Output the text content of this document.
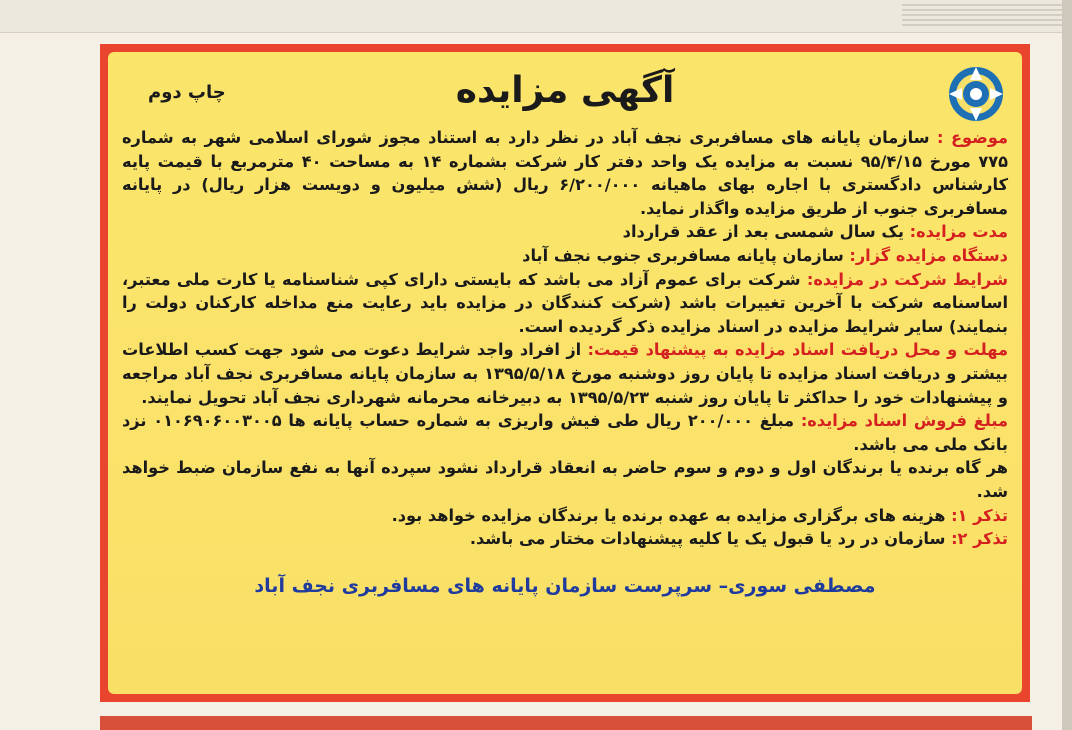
آگهی مزایده
چاپ دوم

موضوع : سازمان پایانه های مسافربری نجف آباد در نظر دارد به استناد مجوز شورای اسلامی شهر به شماره ۷۷۵ مورخ ۹۵/۴/۱۵ نسبت به مزایده یک واحد دفتر کار شرکت بشماره ۱۴ به مساحت ۴۰ مترمربع با قیمت پایه کارشناس دادگستری با اجاره بهای ماهیانه ۶/۲۰۰/۰۰۰ ریال (شش میلیون و دویست هزار ریال) در پایانه مسافربری جنوب از طریق مزایده واگذار نماید.

مدت مزایده: یک سال شمسی بعد از عقد قرارداد

دستگاه مزایده گزار: سازمان پایانه مسافربری جنوب نجف آباد

شرایط شرکت در مزایده: شرکت برای عموم آزاد می باشد که بایستی دارای کپی شناسنامه یا کارت ملی معتبر، اساسنامه شرکت با آخرین تغییرات باشد (شرکت کنندگان در مزایده باید رعایت منع مداخله کارکنان دولت را بنمایند) سایر شرایط مزایده در اسناد مزایده ذکر گردیده است.

مهلت و محل دریافت اسناد مزایده به پیشنهاد قیمت: از افراد واجد شرایط دعوت می شود جهت کسب اطلاعات بیشتر و دریافت اسناد مزایده تا پایان روز دوشنبه مورخ ۱۳۹۵/۵/۱۸ به سازمان پایانه مسافربری نجف آباد مراجعه و پیشنهادات خود را حداکثر تا پایان روز شنبه ۱۳۹۵/۵/۲۳ به دبیرخانه محرمانه شهرداری نجف آباد تحویل نمایند.

مبلغ فروش اسناد مزایده: مبلغ ۲۰۰/۰۰۰ ریال طی فیش واریزی به شماره حساب پایانه ها ۰۱۰۶۹۰۶۰۰۳۰۰۵ نزد بانک ملی می باشد.

هر گاه برنده یا برندگان اول و دوم و سوم حاضر به انعقاد قرارداد نشود سپرده آنها به نفع سازمان ضبط خواهد شد.

تذکر ۱: هزینه های برگزاری مزایده به عهده برنده یا برندگان مزایده خواهد بود.

تذکر ۲: سازمان در رد یا قبول یک یا کلیه پیشنهادات مختار می باشد.

مصطفی سوری– سرپرست سازمان پایانه های مسافربری نجف آباد
